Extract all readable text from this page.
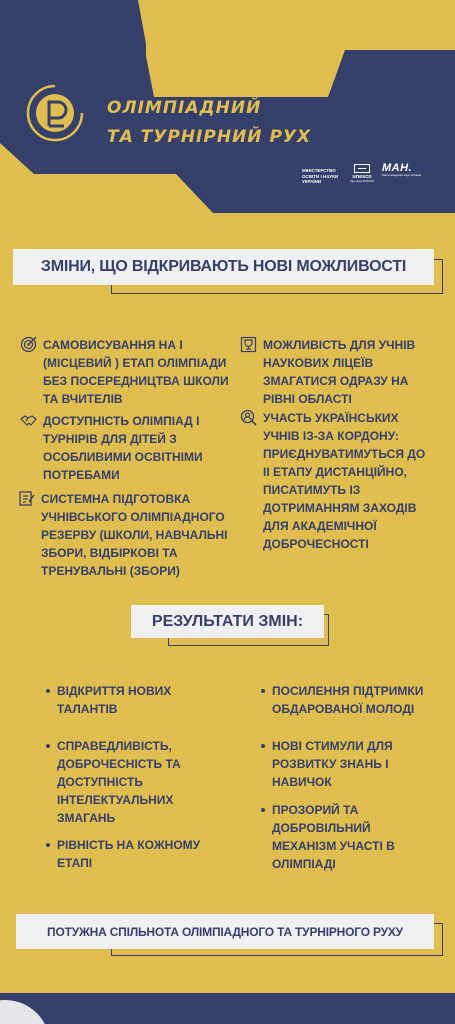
ОЛІМПІАДНИЙ
ТА ТУРНІРНИЙ РУХ
МІНІСТЕРСТВО ОСВІТИ І НАУКИ УКРАЇНИ
unesco
Під егідою ЮНЕСКО
МАН.
Мала академія наук України
ЗМІНИ, ЩО ВІДКРИВАЮТЬ НОВІ МОЖЛИВОСТІ
САМОВИСУВАННЯ НА І (МІСЦЕВИЙ ) ЕТАП ОЛІМПІАДИ БЕЗ ПОСЕРЕДНИЦТВА ШКОЛИ ТА ВЧИТЕЛІВ
ДОСТУПНІСТЬ ОЛІМПІАД І ТУРНІРІВ ДЛЯ ДІТЕЙ З ОСОБЛИВИМИ ОСВІТНІМИ ПОТРЕБАМИ
СИСТЕМНА ПІДГОТОВКА УЧНІВСЬКОГО ОЛІМПІАДНОГО РЕЗЕРВУ (ШКОЛИ, НАВЧАЛЬНІ ЗБОРИ, ВІДБІРКОВІ ТА ТРЕНУВАЛЬНІ (ЗБОРИ)
МОЖЛИВІСТЬ ДЛЯ УЧНІВ НАУКОВИХ ЛІЦЕЇВ ЗМАГАТИСЯ ОДРАЗУ НА РІВНІ ОБЛАСТІ
УЧАСТЬ УКРАЇНСЬКИХ УЧНІВ ІЗ-ЗА КОРДОНУ: ПРИЄДНУВАТИМУТЬСЯ ДО ІІ ЕТАПУ ДИСТАНЦІЙНО, ПИСАТИМУТЬ ІЗ ДОТРИМАННЯМ ЗАХОДІВ ДЛЯ АКАДЕМІЧНОЇ ДОБРОЧЕСНОСТІ
РЕЗУЛЬТАТИ ЗМІН:
ВІДКРИТТЯ НОВИХ ТАЛАНТІВ
СПРАВЕДЛИВІСТЬ, ДОБРОЧЕСНІСТЬ ТА ДОСТУПНІСТЬ ІНТЕЛЕКТУАЛЬНИХ ЗМАГАНЬ
РІВНІСТЬ НА КОЖНОМУ ЕТАПІ
ПОСИЛЕННЯ ПІДТРИМКИ ОБДАРОВАНОЇ МОЛОДІ
НОВІ СТИМУЛИ ДЛЯ РОЗВИТКУ ЗНАНЬ І НАВИЧОК
ПРОЗОРИЙ ТА ДОБРОВІЛЬНИЙ МЕХАНІЗМ УЧАСТІ В ОЛІМПІАДІ
ПОТУЖНА СПІЛЬНОТА ОЛІМПІАДНОГО ТА ТУРНІРНОГО РУХУ
